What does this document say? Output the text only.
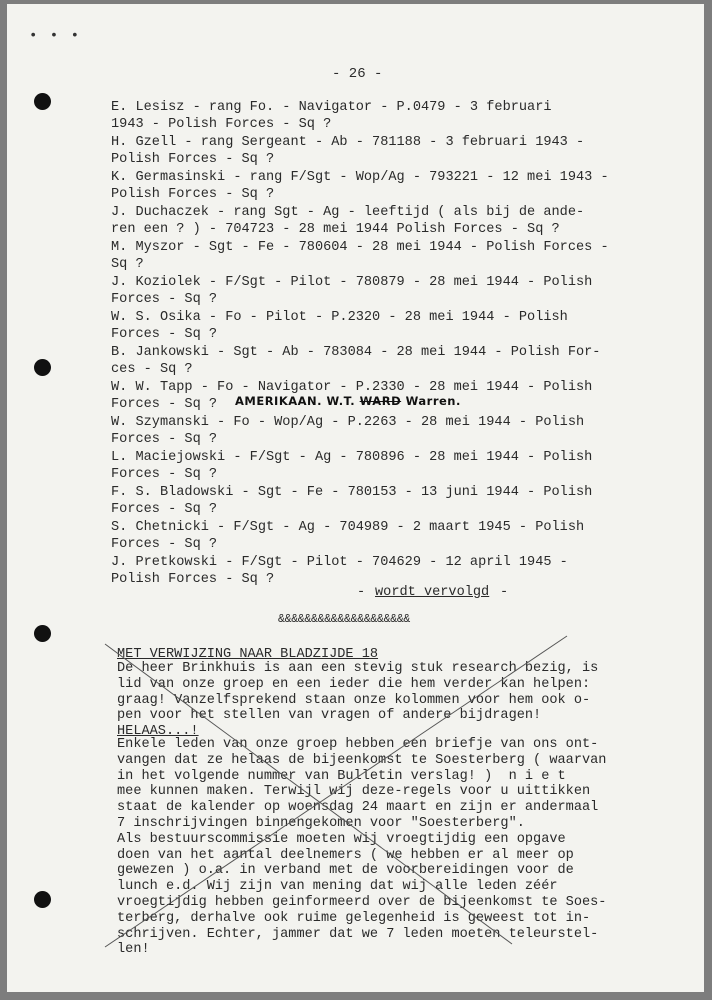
• • •
- 26 -
E. Lesisz - rang Fo. - Navigator - P.0479 - 3 februari
1943 - Polish Forces - Sq ?
H. Gzell - rang Sergeant - Ab - 781188 - 3 februari 1943 -
Polish Forces - Sq ?
K. Germasinski - rang F/Sgt - Wop/Ag - 793221 - 12 mei 1943 -
Polish Forces - Sq ?
J. Duchaczek - rang Sgt - Ag - leeftijd ( als bij de ande-
ren een ? ) - 704723 - 28 mei 1944 Polish Forces - Sq ?
M. Myszor - Sgt - Fe - 780604 - 28 mei 1944 - Polish Forces -
Sq ?
J. Koziolek - F/Sgt - Pilot - 780879 - 28 mei 1944 - Polish
Forces - Sq ?
W. S. Osika - Fo - Pilot - P.2320 - 28 mei 1944 - Polish
Forces - Sq ?
B. Jankowski - Sgt - Ab - 783084 - 28 mei 1944 - Polish For-
ces - Sq ?
W. W. Tapp - Fo - Navigator - P.2330 - 28 mei 1944 - Polish
Forces - Sq ?
W. Szymanski - Fo - Wop/Ag - P.2263 - 28 mei 1944 - Polish
Forces - Sq ?
L. Maciejowski - F/Sgt - Ag - 780896 - 28 mei 1944 - Polish
Forces - Sq ?
F. S. Bladowski - Sgt - Fe - 780153 - 13 juni 1944 - Polish
Forces - Sq ?
S. Chetnicki - F/Sgt - Ag - 704989 - 2 maart 1945 - Polish
Forces - Sq ?
J. Pretkowski - F/Sgt - Pilot - 704629 - 12 april 1945 -
Polish Forces - Sq ?
AMERIKAAN. W.T. WARD Warren.
- wordt vervolgd -
&&&&&&&&&&&&&&&&&&&&
MET VERWIJZING NAAR BLADZIJDE 18
De heer Brinkhuis is aan een stevig stuk research bezig, is
lid van onze groep en een ieder die hem verder kan helpen:
graag! Vanzelfsprekend staan onze kolommen voor hem ook o-
pen voor het stellen van vragen of andere bijdragen!
HELAAS...!
Enkele leden van onze groep hebben een briefje van ons ont-
vangen dat ze helaas de bijeenkomst te Soesterberg ( waarvan
in het volgende nummer van Bulletin verslag! )  n i e t
mee kunnen maken. Terwijl wij deze-regels voor u uittikken
staat de kalender op woensdag 24 maart en zijn er andermaal
7 inschrijvingen binnengekomen voor "Soesterberg".
Als bestuurscommissie moeten wij vroegtijdig een opgave
doen van het aantal deelnemers ( we hebben er al meer op
gewezen ) o.a. in verband met de voorbereidingen voor de
lunch e.d. Wij zijn van mening dat wij alle leden zéér
vroegtijdig hebben geinformeerd over de bijeenkomst te Soes-
terberg, derhalve ook ruime gelegenheid is geweest tot in-
schrijven. Echter, jammer dat we 7 leden moeten teleurstel-
len!
